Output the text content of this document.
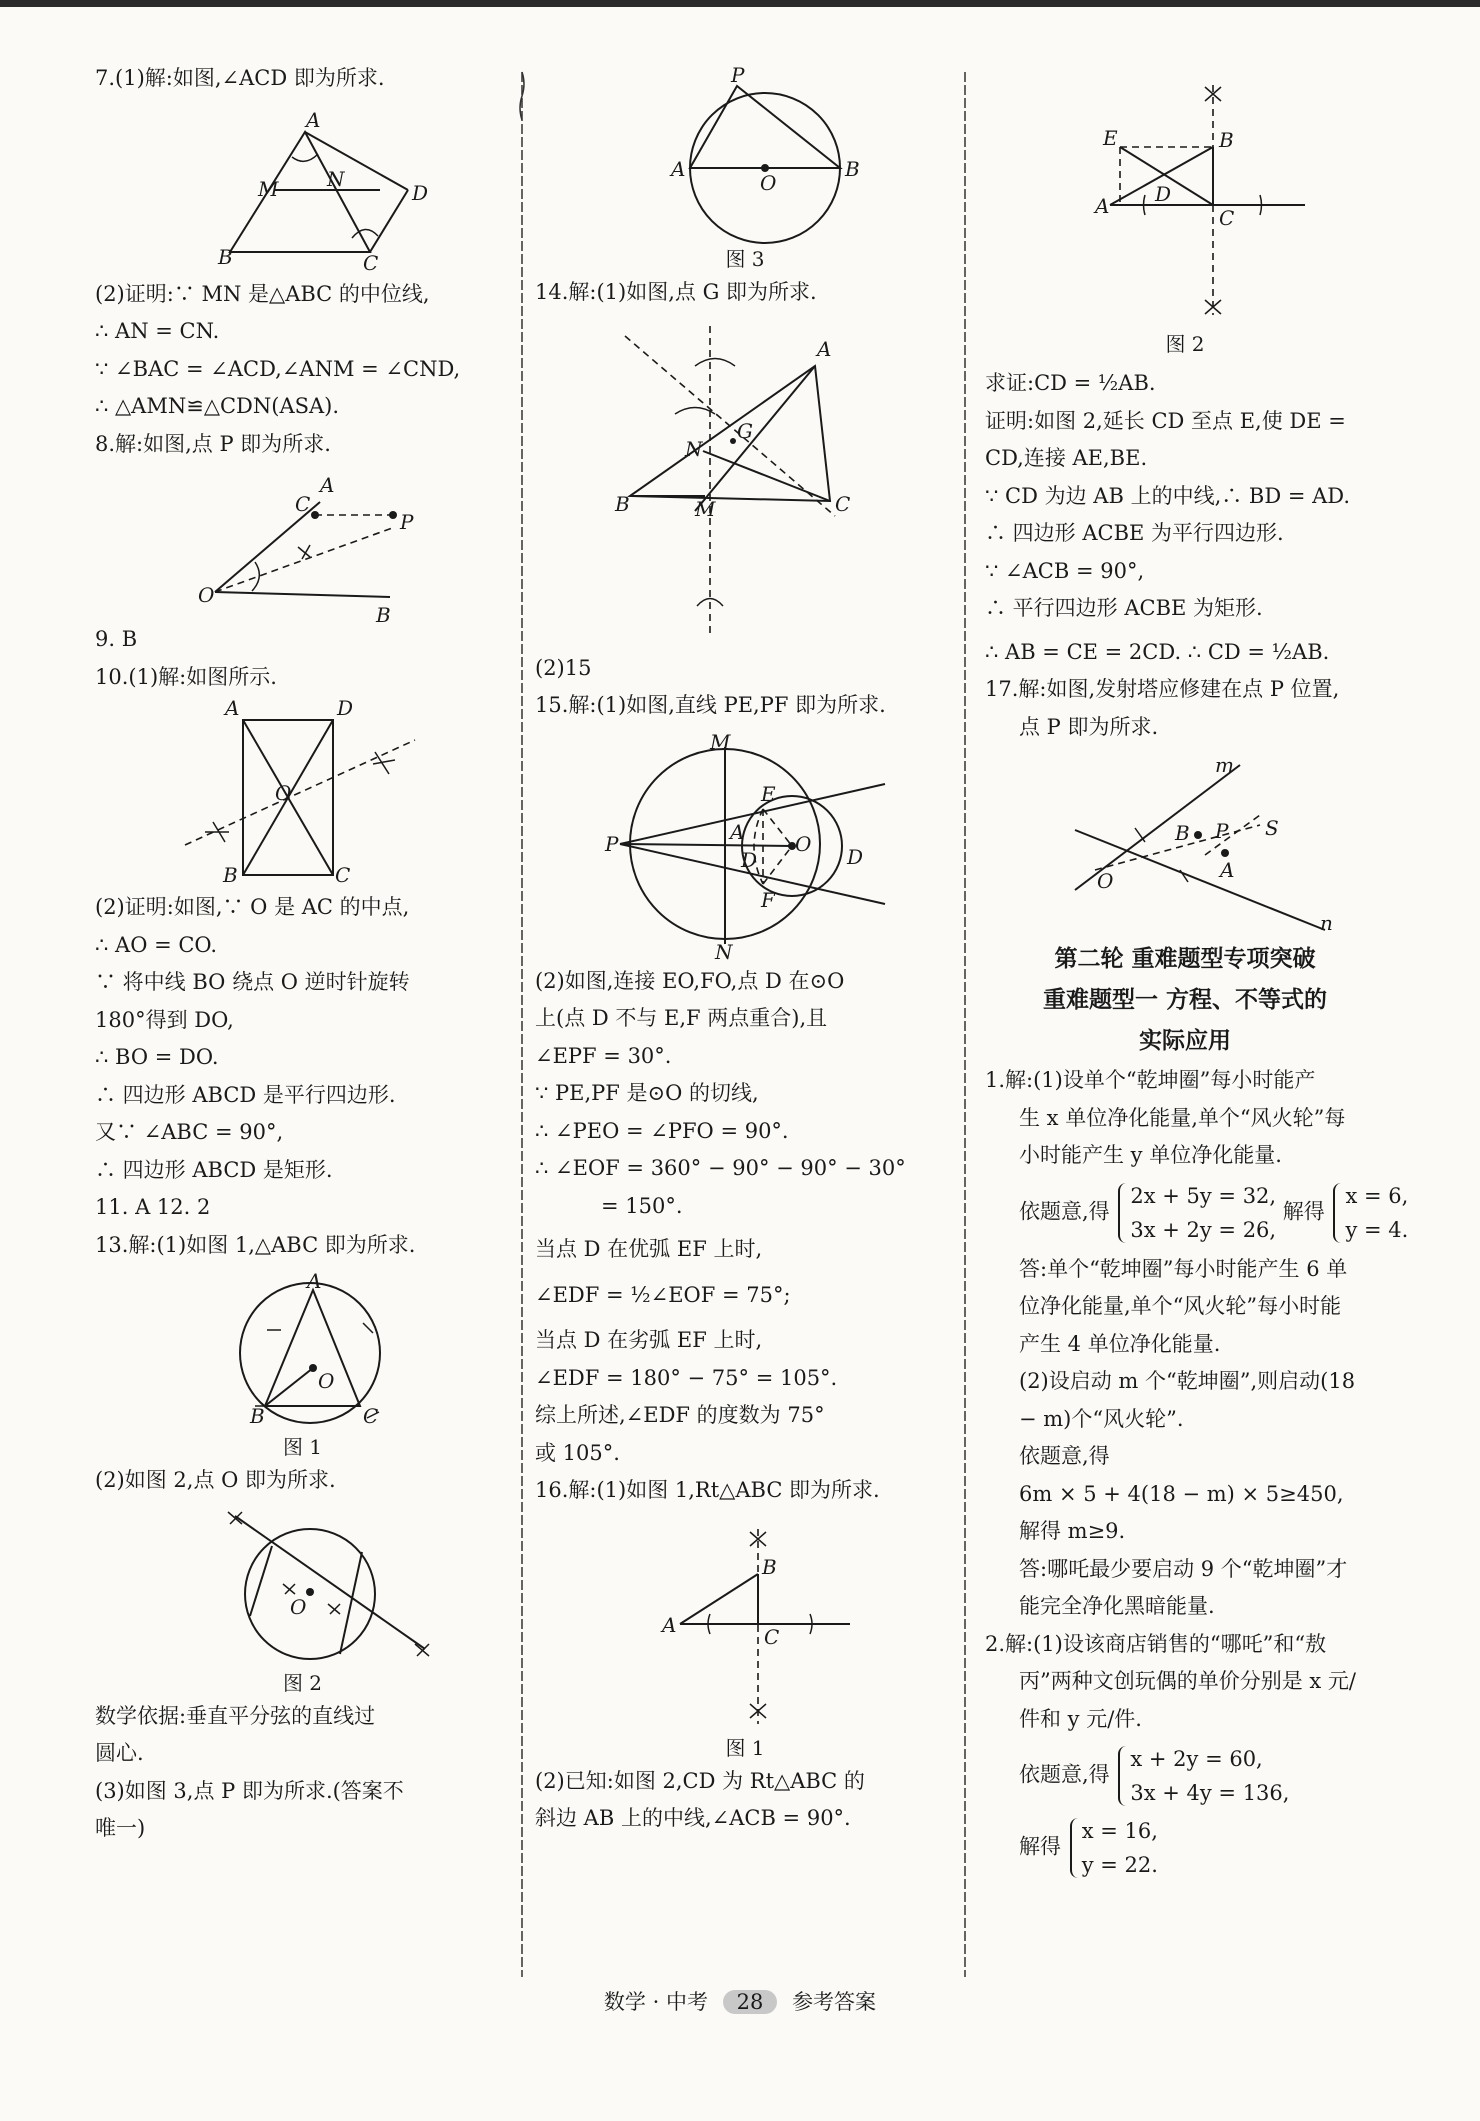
7.(1)解:如图,∠ACD 即为所求.
A
M N
D
B	C
(2)证明:∵ MN 是△ABC 的中位线,
∴ AN = CN.
∵ ∠BAC = ∠ACD,∠ANM = ∠CND,
∴ △AMN≌△CDN(ASA).
8.解:如图,点 P 即为所求.
C
P
A
O
B
9. B
10.(1)解:如图所示.
A	D
O
B	C
(2)证明:如图,∵ O 是 AC 的中点,
∴ AO = CO.
∵ 将中线 BO 绕点 O 逆时针旋转
180°得到 DO,
∴ BO = DO.
∴ 四边形 ABCD 是平行四边形.
又∵ ∠ABC = 90°,
∴ 四边形 ABCD 是矩形.
11. A 12. 2
13.解:(1)如图 1,△ABC 即为所求.
A
O
B	C
图 1
(2)如图 2,点 O 即为所求.
O
图 2
数学依据:垂直平分弦的直线过
圆心.
(3)如图 3,点 P 即为所求.(答案不
唯一)
P
A	B
O
图 3
14.解:(1)如图,点 G 即为所求.
A
B	C
G
N
M
(2)15
15.解:(1)如图,直线 PE,PF 即为所求.
M
P	A
E
D
O
D
F
N
(2)如图,连接 EO,FO,点 D 在⊙O
上(点 D 不与 E,F 两点重合),且
∠EPF = 30°.
∵ PE,PF 是⊙O 的切线,
∴ ∠PEO = ∠PFO = 90°.
∴ ∠EOF = 360° − 90° − 90° − 30°
= 150°.
当点 D 在优弧 EF 上时,
∠EDF = ½∠EOF = 75°;
当点 D 在劣弧 EF 上时,
∠EDF = 180° − 75° = 105°.
综上所述,∠EDF 的度数为 75°
或 105°.
16.解:(1)如图 1,Rt△ABC 即为所求.
B
A	C
图 1
(2)已知:如图 2,CD 为 Rt△ABC 的
斜边 AB 上的中线,∠ACB = 90°.
E	B
A D
C
图 2
求证:CD = ½AB.
证明:如图 2,延长 CD 至点 E,使 DE =
CD,连接 AE,BE.
∵ CD 为边 AB 上的中线,∴ BD = AD.
∴ 四边形 ACBE 为平行四边形.
∵ ∠ACB = 90°,
∴ 平行四边形 ACBE 为矩形.
∴ AB = CE = 2CD. ∴ CD = ½AB.
17.解:如图,发射塔应修建在点 P 位置,
点 P 即为所求.
m
S
B P
A
O
n
第二轮 重难题型专项突破
重难题型一 方程、不等式的
实际应用
1.解:(1)设单个“乾坤圈”每小时能产
生 x 单位净化能量,单个“风火轮”每
小时能产生 y 单位净化能量.
依题意,得
2x + 5y = 32,
3x + 2y = 26,
解得
x = 6,
y = 4.
答:单个“乾坤圈”每小时能产生 6 单
位净化能量,单个“风火轮”每小时能
产生 4 单位净化能量.
(2)设启动 m 个“乾坤圈”,则启动(18
− m)个“风火轮”.
依题意,得
6m × 5 + 4(18 − m) × 5≥450,
解得 m≥9.
答:哪吒最少要启动 9 个“乾坤圈”才
能完全净化黑暗能量.
2.解:(1)设该商店销售的“哪吒”和“敖
丙”两种文创玩偶的单价分别是 x 元/
件和 y 元/件.
依题意,得
x + 2y = 60,
3x + 4y = 136,
解得
x = 16,
y = 22.
数学 · 中考 28 参考答案
